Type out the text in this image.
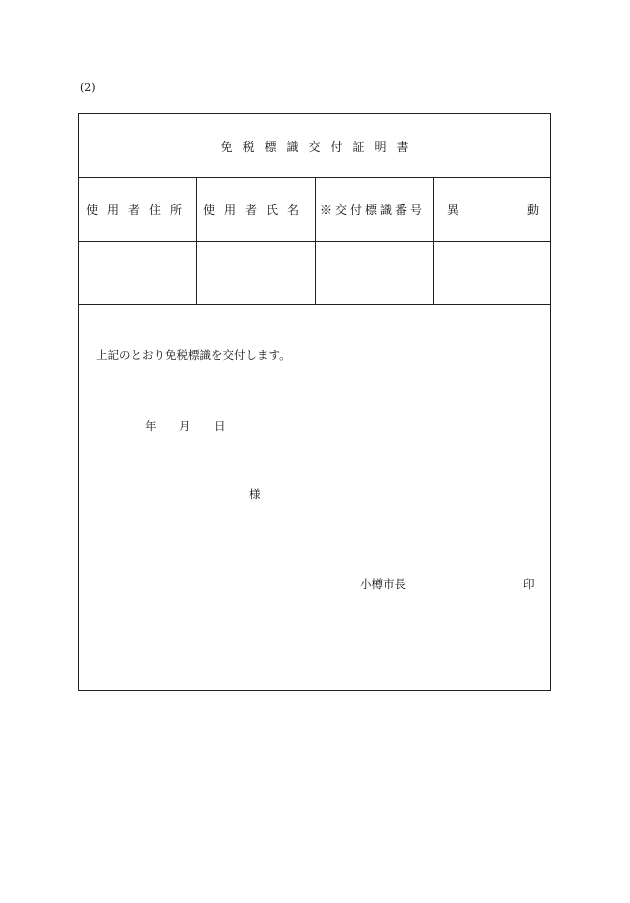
(2)
免税標識交付証明書
使用者住所 使用者氏名 ※交付標識番号 異	動
上記のとおり免税標識を交付します。
年 月 日
様
小樽市長	印
